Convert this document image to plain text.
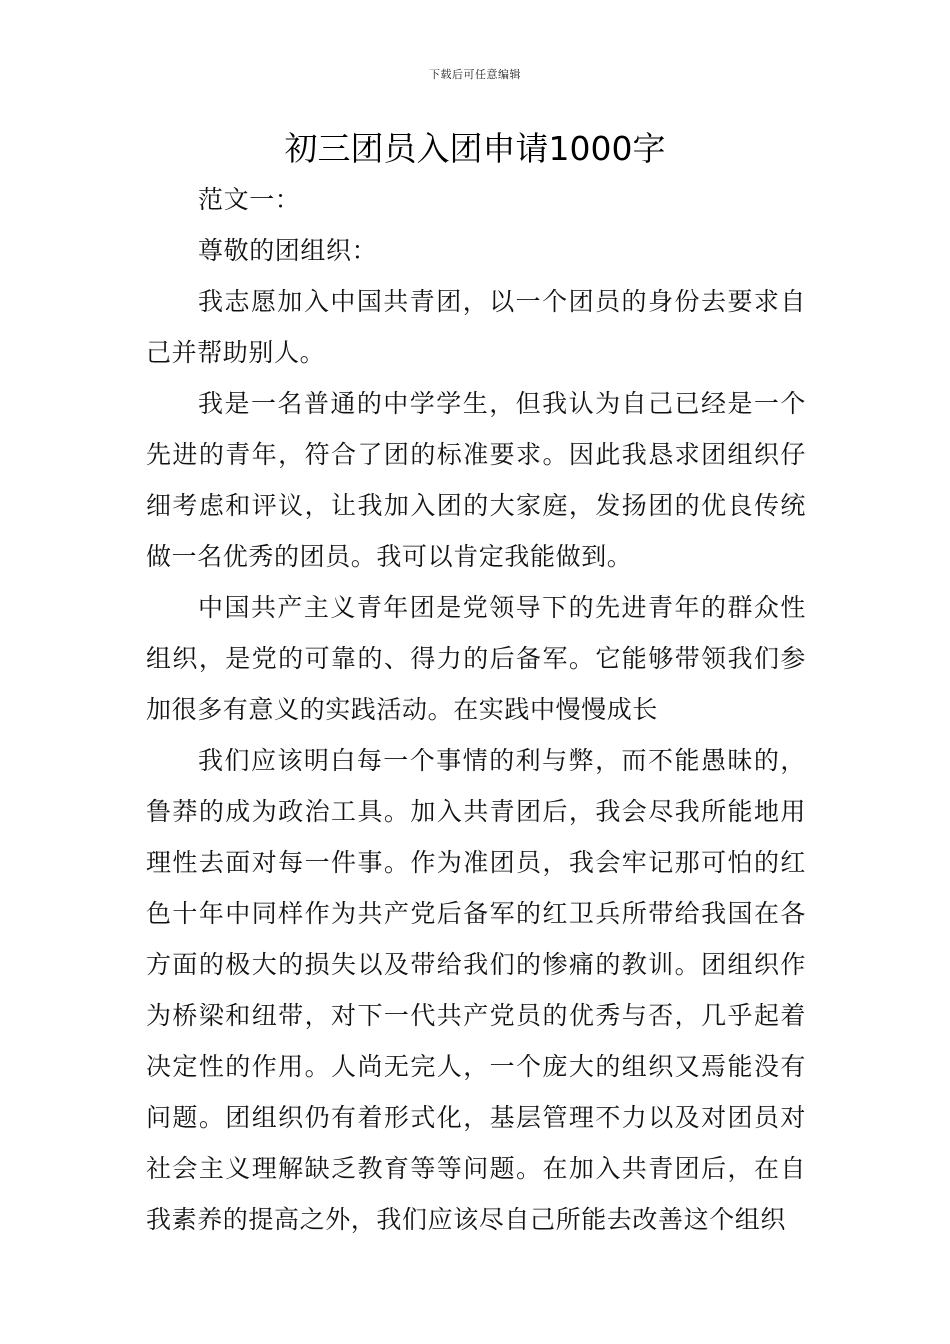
下载后可任意编辑
初三团员入团申请1000字

范文一：

尊敬的团组织：

我志愿加入中国共青团，以一个团员的身份去要求自己并帮助别人。

我是一名普通的中学学生，但我认为自己已经是一个先进的青年，符合了团的标准要求。因此我恳求团组织仔细考虑和评议，让我加入团的大家庭，发扬团的优良传统做一名优秀的团员。我可以肯定我能做到。

中国共产主义青年团是党领导下的先进青年的群众性组织，是党的可靠的、得力的后备军。它能够带领我们参加很多有意义的实践活动。在实践中慢慢成长

我们应该明白每一个事情的利与弊，而不能愚昧的，鲁莽的成为政治工具。加入共青团后，我会尽我所能地用理性去面对每一件事。作为准团员，我会牢记那可怕的红色十年中同样作为共产党后备军的红卫兵所带给我国在各方面的极大的损失以及带给我们的惨痛的教训。团组织作为桥梁和纽带，对下一代共产党员的优秀与否，几乎起着决定性的作用。人尚无完人，一个庞大的组织又焉能没有问题。团组织仍有着形式化，基层管理不力以及对团员对社会主义理解缺乏教育等等问题。在加入共青团后，在自我素养的提高之外，我们应该尽自己所能去改善这个组织
